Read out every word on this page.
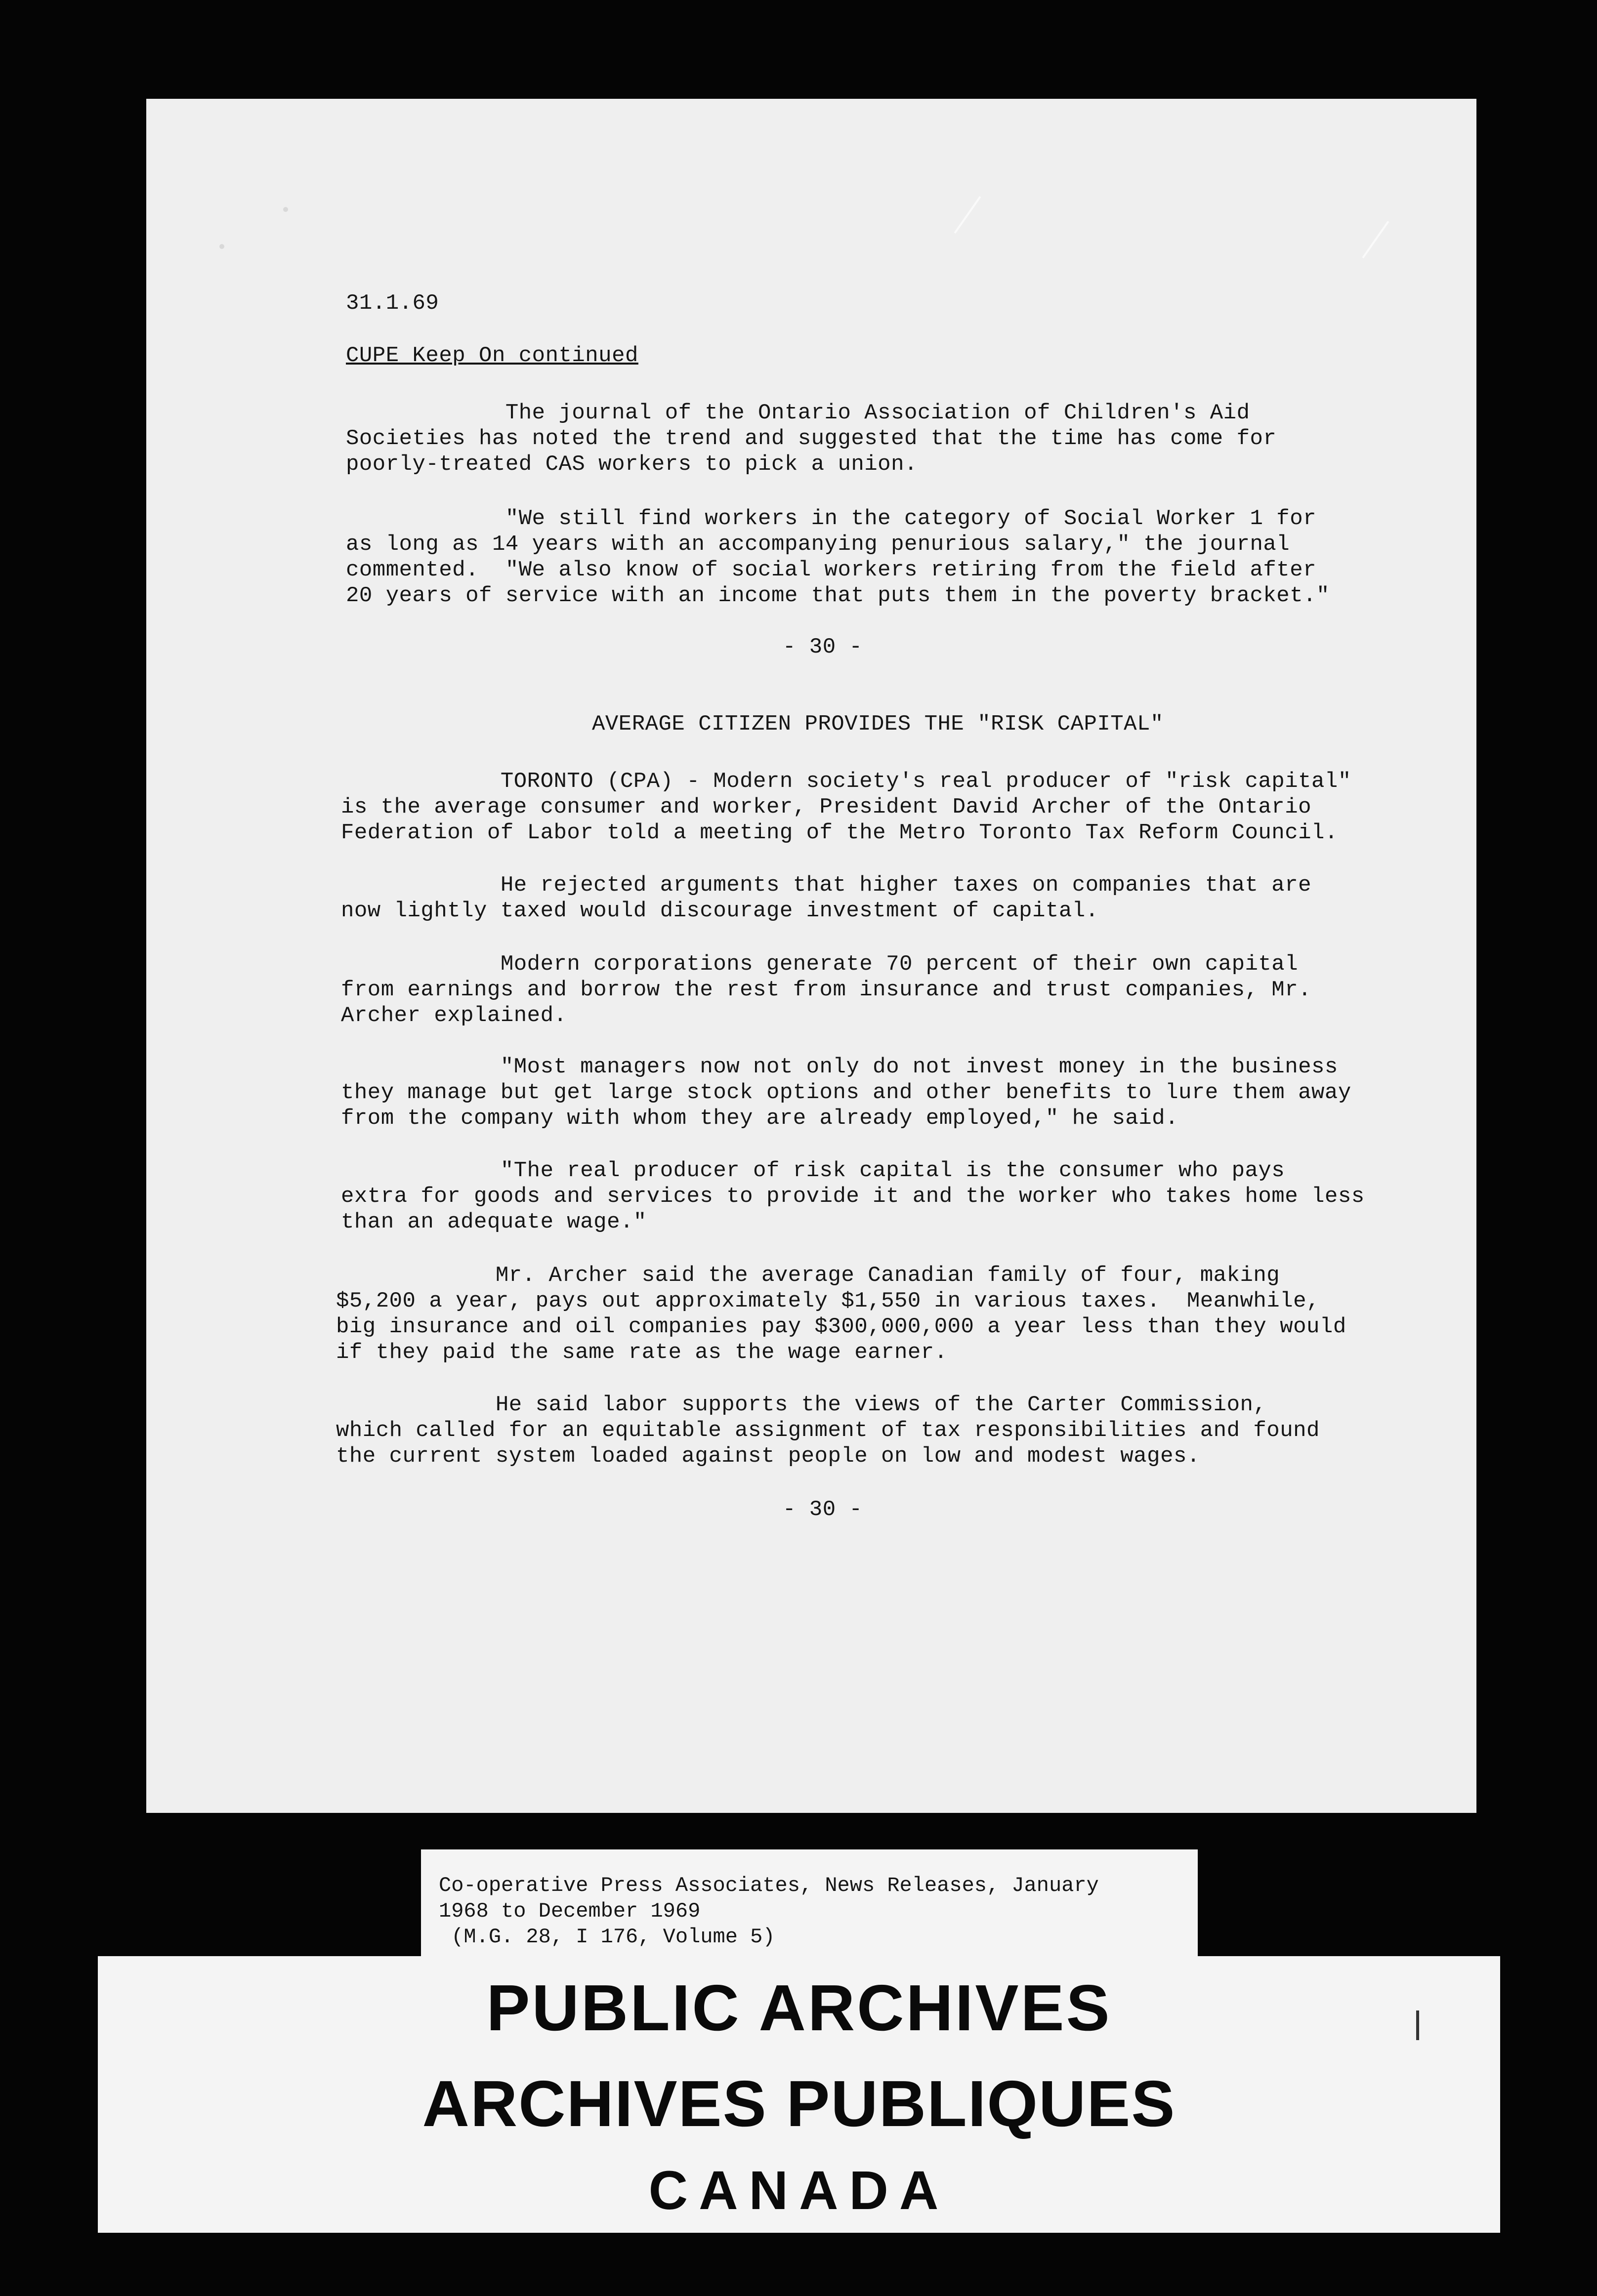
31.1.69
CUPE Keep On continued
The journal of the Ontario Association of Children's Aid
Societies has noted the trend and suggested that the time has come for
poorly-treated CAS workers to pick a union.
"We still find workers in the category of Social Worker 1 for
as long as 14 years with an accompanying penurious salary," the journal
commented.  "We also know of social workers retiring from the field after
20 years of service with an income that puts them in the poverty bracket."
- 30 -
AVERAGE CITIZEN PROVIDES THE "RISK CAPITAL"
TORONTO (CPA) - Modern society's real producer of "risk capital"
is the average consumer and worker, President David Archer of the Ontario
Federation of Labor told a meeting of the Metro Toronto Tax Reform Council.
He rejected arguments that higher taxes on companies that are
now lightly taxed would discourage investment of capital.
Modern corporations generate 70 percent of their own capital
from earnings and borrow the rest from insurance and trust companies, Mr.
Archer explained.
"Most managers now not only do not invest money in the business
they manage but get large stock options and other benefits to lure them away
from the company with whom they are already employed," he said.
"The real producer of risk capital is the consumer who pays
extra for goods and services to provide it and the worker who takes home less
than an adequate wage."
Mr. Archer said the average Canadian family of four, making
$5,200 a year, pays out approximately $1,550 in various taxes.  Meanwhile,
big insurance and oil companies pay $300,000,000 a year less than they would
if they paid the same rate as the wage earner.
He said labor supports the views of the Carter Commission,
which called for an equitable assignment of tax responsibilities and found
the current system loaded against people on low and modest wages.
- 30 -
Co-operative Press Associates, News Releases, January
1968 to December 1969
(M.G. 28, I 176, Volume 5)
PUBLIC ARCHIVES
ARCHIVES PUBLIQUES
CANADA
